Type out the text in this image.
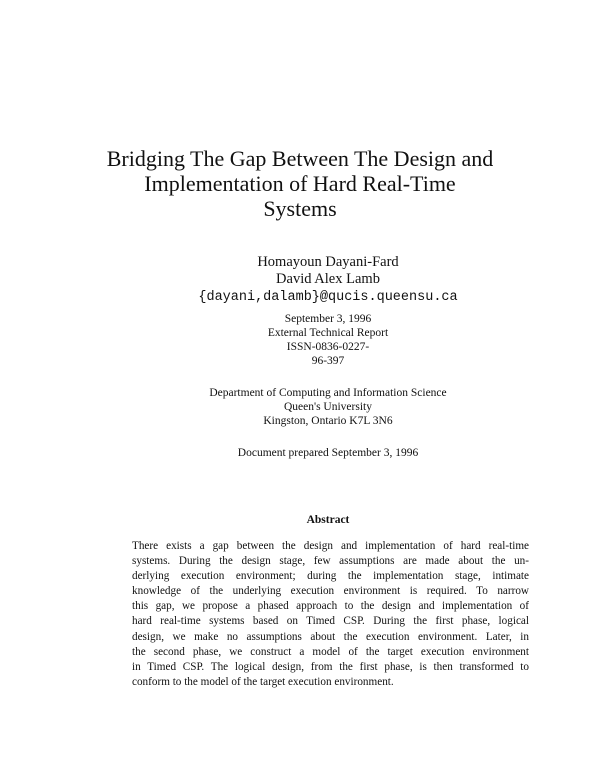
Bridging The Gap Between The Design and
Implementation of Hard Real-Time
Systems
Homayoun Dayani-Fard
David Alex Lamb
{dayani,dalamb}@qucis.queensu.ca
September 3, 1996
External Technical Report
ISSN-0836-0227-
96-397
Department of Computing and Information Science
Queen's University
Kingston, Ontario K7L 3N6
Document prepared September 3, 1996
Abstract
There exists a gap between the design and implementation of hard real-time
systems. During the design stage, few assumptions are made about the un-
derlying execution environment; during the implementation stage, intimate
knowledge of the underlying execution environment is required. To narrow
this gap, we propose a phased approach to the design and implementation of
hard real-time systems based on Timed CSP. During the first phase, logical
design, we make no assumptions about the execution environment. Later, in
the second phase, we construct a model of the target execution environment
in Timed CSP. The logical design, from the first phase, is then transformed to
conform to the model of the target execution environment.
